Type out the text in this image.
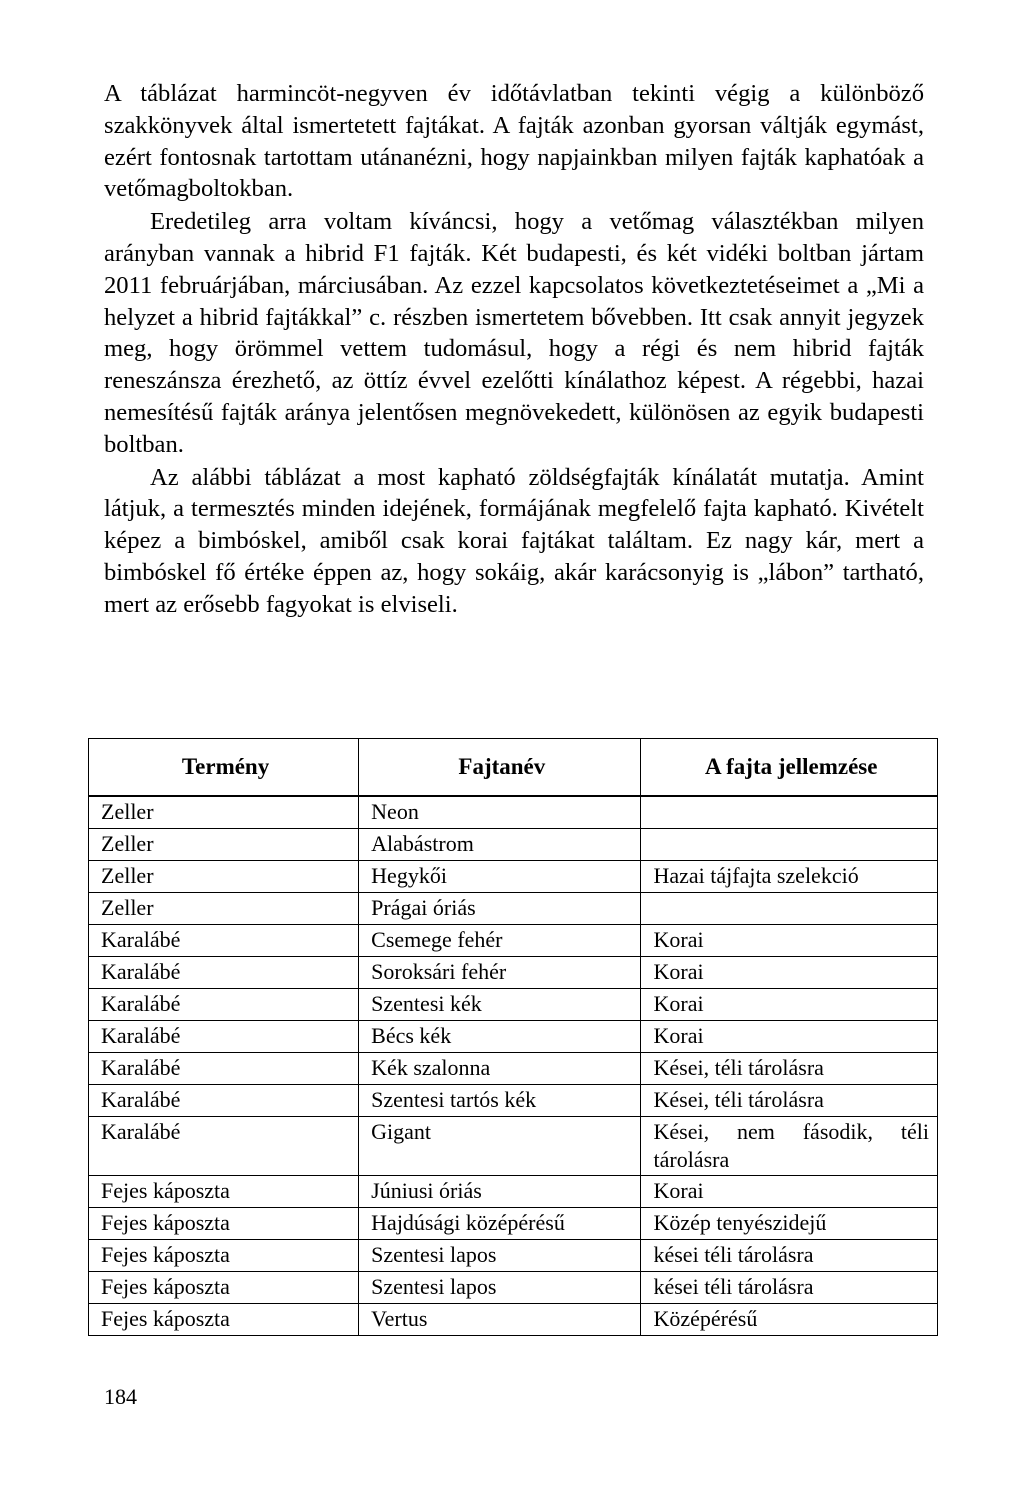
A táblázat harmincöt-negyven év időtávlatban tekinti végig a különböző szakkönyvek által ismertetett fajtákat. A fajták azonban gyorsan váltják egymást, ezért fontosnak tartottam utánanézni, hogy napjainkban milyen fajták kaphatóak a vetőmagboltokban.

Eredetileg arra voltam kíváncsi, hogy a vetőmag választékban milyen arányban vannak a hibrid F1 fajták. Két budapesti, és két vidéki boltban jártam 2011 februárjában, márciusában. Az ezzel kapcsolatos következtetéseimet a „Mi a helyzet a hibrid fajtákkal” c. részben ismertetem bővebben. Itt csak annyit jegyzek meg, hogy örömmel vettem tudomásul, hogy a régi és nem hibrid fajták reneszánsza érezhető, az öttíz évvel ezelőtti kínálathoz képest. A régebbi, hazai nemesítésű fajták aránya jelentősen megnövekedett, különösen az egyik budapesti boltban.

Az alábbi táblázat a most kapható zöldségfajták kínálatát mutatja. Amint látjuk, a termesztés minden idejének, formájának megfelelő fajta kapható. Kivételt képez a bimbóskel, amiből csak korai fajtákat találtam. Ez nagy kár, mert a bimbóskel fő értéke éppen az, hogy sokáig, akár karácsonyig is „lábon” tartható, mert az erősebb fagyokat is elviseli.

Termény	Fajtanév	A fajta jellemzése
Zeller	Neon	
Zeller	Alabástrom	
Zeller	Hegykői	Hazai tájfajta szelekció
Zeller	Prágai óriás	
Karalábé	Csemege fehér	Korai
Karalábé	Soroksári fehér	Korai
Karalábé	Szentesi kék	Korai
Karalábé	Bécs kék	Korai
Karalábé	Kék szalonna	Kései, téli tárolásra
Karalábé	Szentesi tartós kék	Kései, téli tárolásra
Karalábé	Gigant	Kései, nem fásodik, téli tárolásra
Fejes káposzta	Júniusi óriás	Korai
Fejes káposzta	Hajdúsági középérésű	Közép tenyészidejű
Fejes káposzta	Szentesi lapos	kései téli tárolásra
Fejes káposzta	Szentesi lapos	kései téli tárolásra
Fejes káposzta	Vertus	Középérésű
184
